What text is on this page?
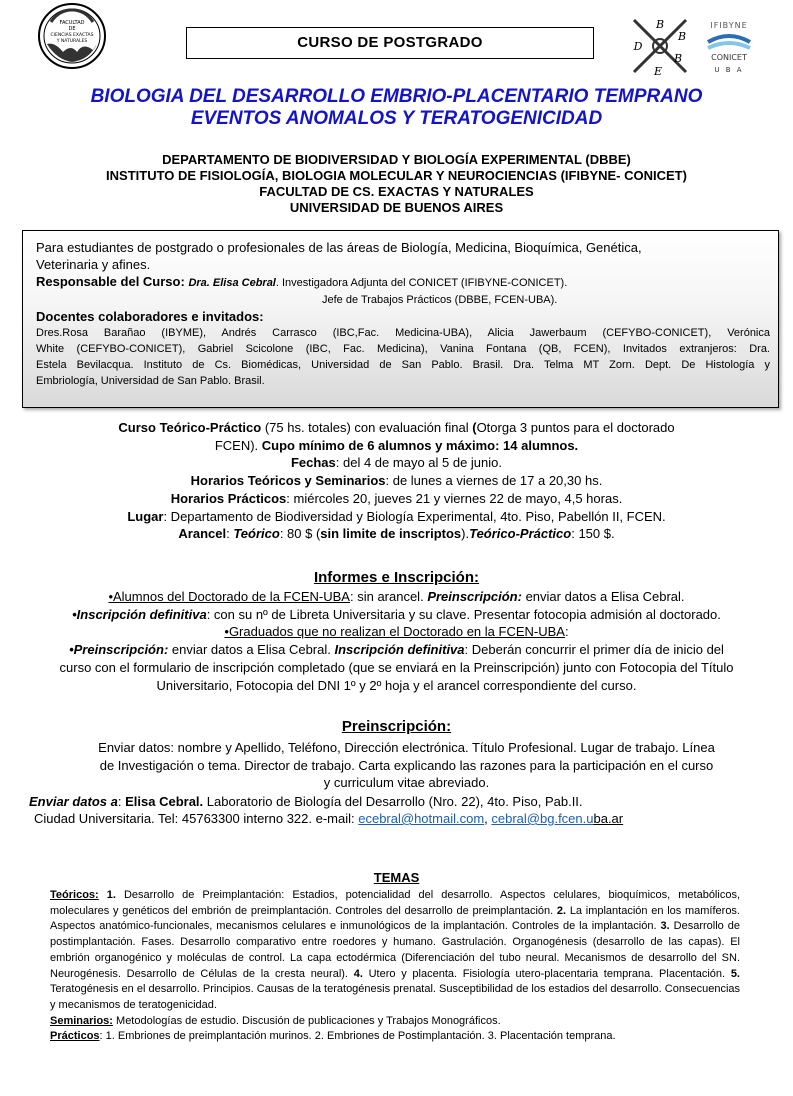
FACULTAD
DE
CIENCIAS EXACTAS
Y NATURALES	CURSO DE POSTGRADO
B
D
B
B
E
IFIBYNE
CONICET
U B A
BIOLOGIA DEL DESARROLLO EMBRIO-PLACENTARIO TEMPRANO
EVENTOS ANOMALOS Y TERATOGENICIDAD
DEPARTAMENTO DE BIODIVERSIDAD Y BIOLOGÍA EXPERIMENTAL (DBBE)
INSTITUTO DE FISIOLOGÍA, BIOLOGIA MOLECULAR Y NEUROCIENCIAS (IFIBYNE- CONICET)
FACULTAD DE CS. EXACTAS Y NATURALES
UNIVERSIDAD DE BUENOS AIRES
Para estudiantes de postgrado o profesionales de las áreas de Biología, Medicina, Bioquímica, Genética,
Veterinaria y afines.
Responsable del Curso: Dra. Elisa Cebral. Investigadora Adjunta del CONICET (IFIBYNE-CONICET).
Jefe de Trabajos Prácticos (DBBE, FCEN-UBA).
Docentes colaboradores e invitados:
Dres.Rosa Barañao (IBYME), Andrés Carrasco (IBC,Fac. Medicina-UBA), Alicia Jawerbaum (CEFYBO-CONICET), Verónica
White (CEFYBO-CONICET), Gabriel Scicolone (IBC, Fac. Medicina), Vanina Fontana (QB, FCEN), Invitados extranjeros: Dra.
Estela Bevilacqua. Instituto de Cs. Biomédicas, Universidad de San Pablo. Brasil. Dra. Telma MT Zorn. Dept. De Histología y
Embriología, Universidad de San Pablo. Brasil.
Curso Teórico-Práctico (75 hs. totales) con evaluación final (Otorga 3 puntos para el doctorado
FCEN). Cupo mínimo de 6 alumnos y máximo: 14 alumnos.
Fechas: del 4 de mayo al 5 de junio.
Horarios Teóricos y Seminarios: de lunes a viernes de 17 a 20,30 hs.
Horarios Prácticos: miércoles 20, jueves 21 y viernes 22 de mayo, 4,5 horas.
Lugar: Departamento de Biodiversidad y Biología Experimental, 4to. Piso, Pabellón II, FCEN.
Arancel: Teórico: 80 $ (sin limite de inscriptos).Teórico-Práctico: 150 $.
Informes e Inscripción:
•Alumnos del Doctorado de la FCEN-UBA: sin arancel. Preinscripción: enviar datos a Elisa Cebral.
•Inscripción definitiva: con su nº de Libreta Universitaria y su clave. Presentar fotocopia admisión al doctorado.
•Graduados que no realizan el Doctorado en la FCEN-UBA:
•Preinscripción: enviar datos a Elisa Cebral. Inscripción definitiva: Deberán concurrir el primer día de inicio del
curso con el formulario de inscripción completado (que se enviará en la Preinscripción) junto con Fotocopia del Título
Universitario, Fotocopia del DNI 1º y 2º hoja y el arancel correspondiente del curso.
Preinscripción:
Enviar datos: nombre y Apellido, Teléfono, Dirección electrónica. Título Profesional. Lugar de trabajo. Línea
de Investigación o tema. Director de trabajo. Carta explicando las razones para la participación en el curso
y curriculum vitae abreviado.
Enviar datos a: Elisa Cebral. Laboratorio de Biología del Desarrollo (Nro. 22), 4to. Piso, Pab.II.
Ciudad Universitaria. Tel: 45763300 interno 322. e-mail: ecebral@hotmail.com, cebral@bg.fcen.uba.ar
TEMAS
Teóricos: 1. Desarrollo de Preimplantación: Estadios, potencialidad del desarrollo. Aspectos celulares, bioquímicos, metabólicos, moleculares y genéticos del embrión de preimplantación. Controles del desarrollo de preimplantación. 2. La implantación en los mamíferos. Aspectos anatómico-funcionales, mecanismos celulares e inmunológicos de la implantación. Controles de la implantación. 3. Desarrollo de postimplantación. Fases. Desarrollo comparativo entre roedores y humano. Gastrulación. Organogénesis (desarrollo de las capas). El embrión organogénico y moléculas de control. La capa ectodérmica (Diferenciación del tubo neural. Mecanismos de desarrollo del SN. Neurogénesis. Desarrollo de Células de la cresta neural). 4. Utero y placenta. Fisiología utero-placentaria temprana. Placentación. 5. Teratogénesis en el desarrollo. Principios. Causas de la teratogénesis prenatal. Susceptibilidad de los estadios del desarrollo. Consecuencias y mecanismos de teratogenicidad.
Seminarios: Metodologías de estudio. Discusión de publicaciones y Trabajos Monográficos.
Prácticos: 1. Embriones de preimplantación murinos. 2. Embriones de Postimplantación. 3. Placentación temprana.
